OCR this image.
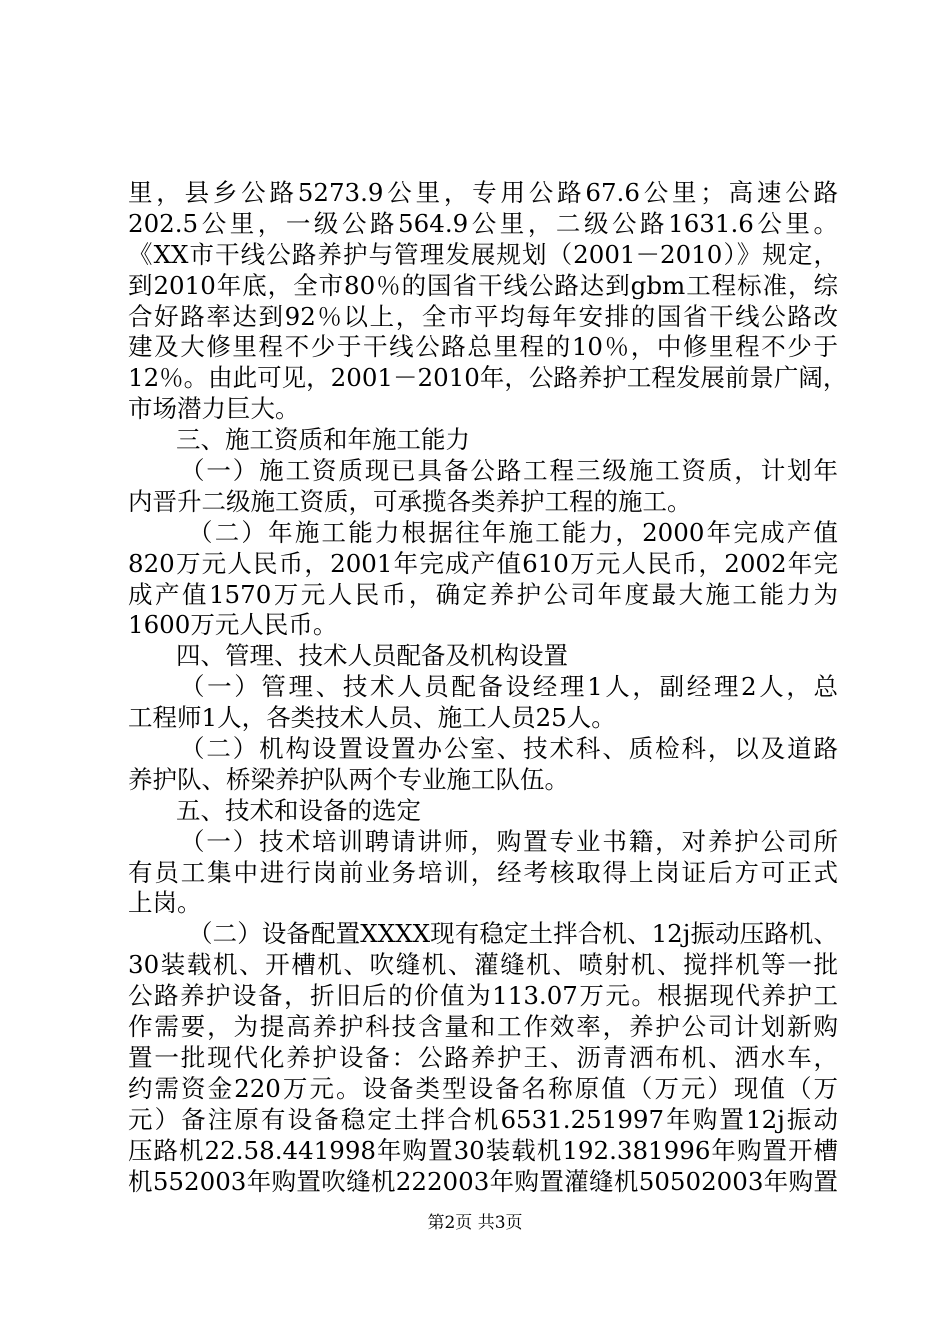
里，县乡公路5273.9公里，专用公路67.6公里；高速公路
202.5公里，一级公路564.9公里，二级公路1631.6公里。
《XX市干线公路养护与管理发展规划（2001－2010）》规定，
到2010年底，全市80％的国省干线公路达到gbm工程标准，综
合好路率达到92％以上，全市平均每年安排的国省干线公路改
建及大修里程不少于干线公路总里程的10％，中修里程不少于
12％。由此可见，2001－2010年，公路养护工程发展前景广阔，
市场潜力巨大。
三、施工资质和年施工能力
（一）施工资质现已具备公路工程三级施工资质，计划年
内晋升二级施工资质，可承揽各类养护工程的施工。
（二）年施工能力根据往年施工能力，2000年完成产值
820万元人民币，2001年完成产值610万元人民币，2002年完
成产值1570万元人民币，确定养护公司年度最大施工能力为
1600万元人民币。
四、管理、技术人员配备及机构设置
（一）管理、技术人员配备设经理1人，副经理2人，总
工程师1人，各类技术人员、施工人员25人。
（二）机构设置设置办公室、技术科、质检科，以及道路
养护队、桥梁养护队两个专业施工队伍。
五、技术和设备的选定
（一）技术培训聘请讲师，购置专业书籍，对养护公司所
有员工集中进行岗前业务培训，经考核取得上岗证后方可正式
上岗。
（二）设备配置XXXX现有稳定土拌合机、12j振动压路机、
30装载机、开槽机、吹缝机、灌缝机、喷射机、搅拌机等一批
公路养护设备，折旧后的价值为113.07万元。根据现代养护工
作需要，为提高养护科技含量和工作效率，养护公司计划新购
置一批现代化养护设备：公路养护王、沥青洒布机、洒水车，
约需资金220万元。设备类型设备名称原值（万元）现值（万
元）备注原有设备稳定土拌合机6531.251997年购置12j振动
压路机22.58.441998年购置30装载机192.381996年购置开槽
机552003年购置吹缝机222003年购置灌缝机50502003年购置
第2页 共3页
